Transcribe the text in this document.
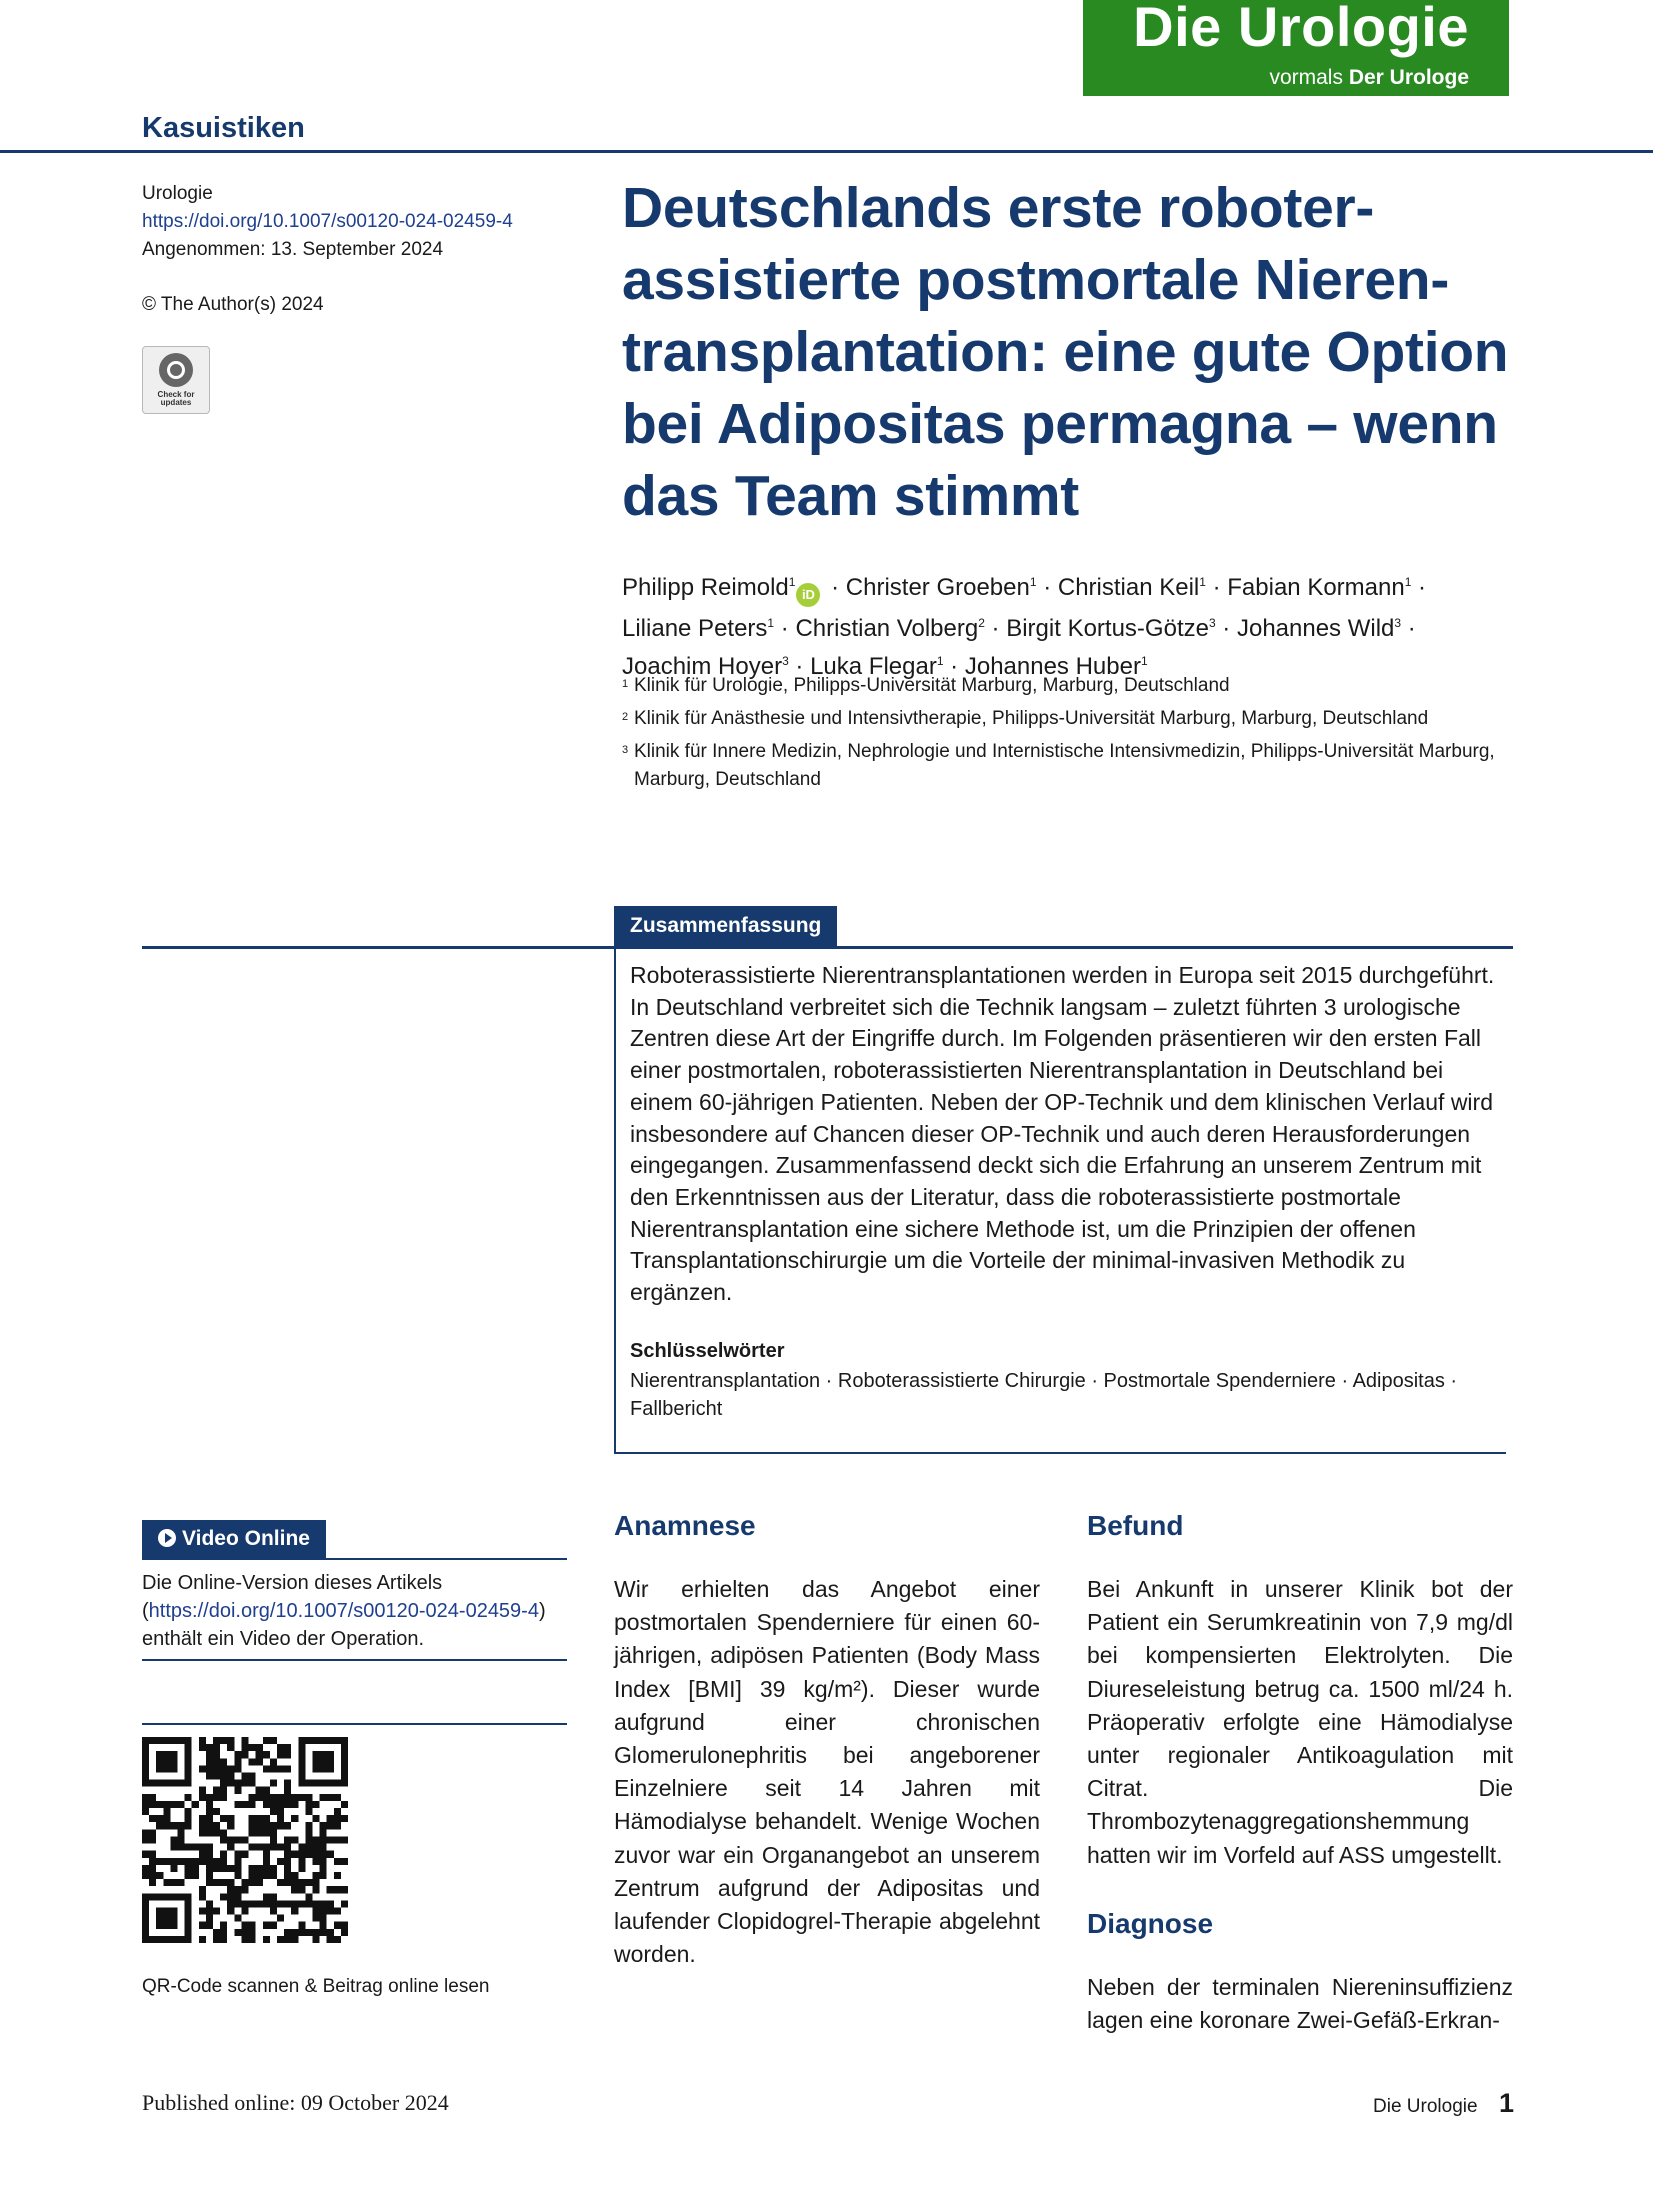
Die Urologie
vormals Der Urologe
Kasuistiken
Urologie
https://doi.org/10.1007/s00120-024-02459-4
Angenommen: 13. September 2024
© The Author(s) 2024
Check for updates
Deutschlands erste roboterassistierte postmortale Nierentransplantation: eine gute Option bei Adipositas permagna – wenn das Team stimmt
Philipp Reimold$^1$iD · Christer Groeben$^1$ · Christian Keil$^1$ · Fabian Kormann$^1$ ·
Liliane Peters$^1$ · Christian Volberg$^2$ · Birgit Kortus-Götze$^3$ · Johannes Wild$^3$ ·
Joachim Hoyer$^3$ · Luka Flegar$^1$ · Johannes Huber$^1$
1 Klinik für Urologie, Philipps-Universität Marburg, Marburg, Deutschland
2 Klinik für Anästhesie und Intensivtherapie, Philipps-Universität Marburg, Marburg, Deutschland
3 Klinik für Innere Medizin, Nephrologie und Internistische Intensivmedizin, Philipps-Universität Marburg, Marburg, Deutschland
Zusammenfassung
Roboterassistierte Nierentransplantationen werden in Europa seit 2015 durchgeführt. In Deutschland verbreitet sich die Technik langsam – zuletzt führten 3 urologische Zentren diese Art der Eingriffe durch. Im Folgenden präsentieren wir den ersten Fall einer postmortalen, roboterassistierten Nierentransplantation in Deutschland bei einem 60-jährigen Patienten. Neben der OP-Technik und dem klinischen Verlauf wird insbesondere auf Chancen dieser OP-Technik und auch deren Herausforderungen eingegangen. Zusammenfassend deckt sich die Erfahrung an unserem Zentrum mit den Erkenntnissen aus der Literatur, dass die roboterassistierte postmortale Nierentransplantation eine sichere Methode ist, um die Prinzipien der offenen Transplantationschirurgie um die Vorteile der minimal-invasiven Methodik zu ergänzen.
Schlüsselwörter
Nierentransplantation · Roboterassistierte Chirurgie · Postmortale Spenderniere · Adipositas · Fallbericht
Video Online
Die Online-Version dieses Artikels (https://doi.org/10.1007/s00120-024-02459-4) enthält ein Video der Operation.
QR-Code scannen & Beitrag online lesen
Anamnese
Wir erhielten das Angebot einer postmortalen Spenderniere für einen 60-jährigen, adipösen Patienten (Body Mass Index [BMI] 39 kg/m²). Dieser wurde aufgrund einer chronischen Glomerulonephritis bei angeborener Einzelniere seit 14 Jahren mit Hämodialyse behandelt. Wenige Wochen zuvor war ein Organangebot an unserem Zentrum aufgrund der Adipositas und laufender Clopidogrel-Therapie abgelehnt worden.
Befund
Bei Ankunft in unserer Klinik bot der Patient ein Serumkreatinin von 7,9 mg/dl bei kompensierten Elektrolyten. Die Diureseleistung betrug ca. 1500 ml/24 h. Präoperativ erfolgte eine Hämodialyse unter regionaler Antikoagulation mit Citrat. Die Thrombozytenaggregationshemmung hatten wir im Vorfeld auf ASS umgestellt.
Diagnose
Neben der terminalen Niereninsuffizienz lagen eine koronare Zwei-Gefäß-Erkran-
Published online: 09 October 2024	Die Urologie 1
